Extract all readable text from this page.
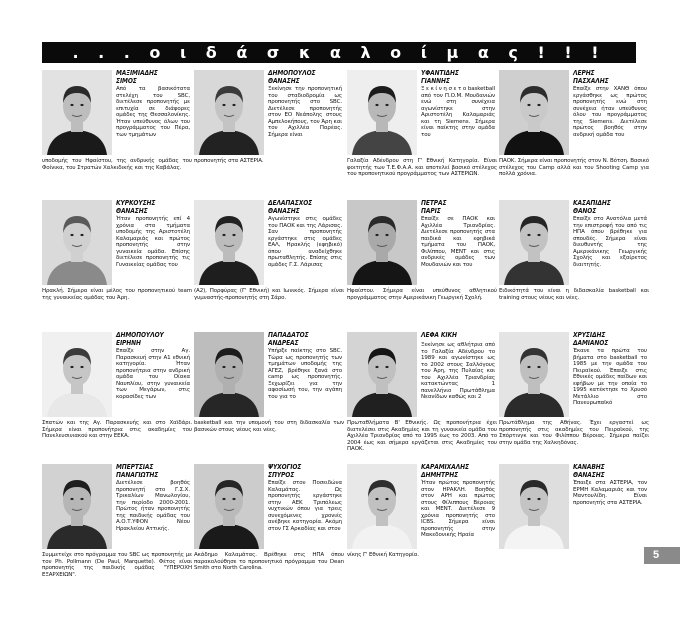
. . . ο ι δ ά σ κ α λ ο ί μ α ς ! ! !
ΜΑΞΙΜΙΑΔΗΣ
ΣΙΜΟΣ
Από τα βασικότατα στελέχη του SBC, διετέλεσε προπονητής με επιτυχία σε διάφορες ομάδες της Θεσσαλονίκης. Ήταν υπεύθυνος όλων του προγράμματος του Πέρα, των τμημάτων
υποδομής του Ηφαίστου, της ανδρικής ομάδας του Φοίνικα, του Στρατών Χαλκιδικής και της Καβάλας.
ΔΗΜΟΠΟΥΛΟΣ
ΘΑΝΑΣΗΣ
Ξεκίνησε την προπονητική του σταδιοδρομία ως προπονητής στο SBC. Διετέλεσε προπονητής στον ΕΟ Νεάπολης στους Αμπελοκήπους, τον Άρη και τον Αχιλλέα Παρέας. Σήμερα είναι
προπονητής στα ΑΣΤΕΡΙΑ.
ΥΦΑΝΤΙΔΗΣ
ΓΙΑΝΝΗΣ
Ξ ε κ ί ν η σ ε τ ο basketball από τον Π.Ο.Μ. Μουδανιών ενώ στη συνέχεια αγωνίστηκε στην Αριστοτέλη Καλαμαριάς και τη Siemens. Σήμερα είναι παίκτης στην ομάδα του
Γαλαξία Αδένδρου στη Γ' Εθνική Κατηγορία. Είναι φοιτητής των Τ.Ε.Φ.Α.Α. και αποτελεί βασικό στέλεχος του προπονητικού προγράμματος των ΑΣΤΕΡΙΩΝ.
ΛΕΡΗΣ
ΠΑΣΧΑΛΗΣ
Επαίξε στην ΧΑΝΘ όπου εργάσθηκε ως πρώτος προπονητής ενώ στη συνέχεια ήταν υπεύθυνος όλου του προγράμματος της Siemens. Διετέλεσε πρώτος βοηθός στην ανδρική ομάδα του
ΠΑΟΚ. Σήμερα είναι προπονητής στον Ν. Βότση. Βασικό στέλεχος του Camp αλλά και του Shooting Camp για πολλά χρόνια.
ΚΥΡΚΟΥΣΗΣ
ΘΑΝΑΣΗΣ
Ήταν προπονητής επί 4 χρόνια στα τμήματα υποδομής της Αριστοτέλη Καλαμαριάς και πρώτος προπονητής στην γυναικεία ομάδα. Επίσης διετέλεσε προπονητής τις Γυναικείας ομάδας του
Ηρακλή. Σήμερα είναι μέλος του προπονητικού team της γυναικείας ομάδας του Άρη.
ΔΕΛΑΠΑΣΧΟΣ
ΘΑΝΑΣΗΣ
Αγωνίστηκε στις ομάδες του ΠΑΟΚ και της Λάρισας. Σαν προπονητής εργάστηκε στις ομάδες ΕΑΛ, Ηρακλής (εφηβικό) όπου αναδείχθηκε πρωταθλητής. Επίσης στις ομάδες Γ.Σ. Λάρισας
(Α2), Πορφύρας (Γ' Εθνική) και Ιωνικός. Σήμερα είναι γυμναστής-προπονητής στη Σάρο.
ΠΕΤΡΑΣ
ΠΑΡΙΣ
Επαίξε σε ΠΑΟΚ και Αχιλλέα Τριανδρίας. Διετέλεσε προπονητής στα παιδικά και εφηβικά τμήματα του ΠΑΟΚ, Φιλίππου, ΜΕΝΤ και στις ανδρικές ομάδες των Μουδανιών και του
Ηφαίστου. Σήμερα είναι υπεύθυνος αθλητικού προγράμματος στην Αμερικάνικη Γεωργική Σχολή.
ΚΑΣΑΠΙΔΗΣ
ΘΑΝΟΣ
Επαίξε στο Ανατόλια μετά την επιστροφή του από τις ΗΠΑ όπου βρέθηκε για σπουδές. Σήμερα είναι διευθυντής της Αμερικάνικης Γεωργικής Σχολής και εξαίρετος διαιτητής.
Ειδικότητά του είναι η διδασκαλία basketball και training στους νέους και νέες.
ΔΗΜΟΠΟΥΛΟΥ
ΕΙΡΗΝΗ
Επαίξε στην Αγ. Παρασκευή στην Α1 εθνική κατηγορία. Ήταν προπονήτρια στην ανδρική ομάδα του Οίακα Ναυπλίου, στην γυναικεία των Μεγάρων, στις κορασίδες των
Σπατών και της Αγ. Παρασκευής και στο Χαϊδάρι. Σήμερα είναι προπονήτρια στις ακαδημίες του Πανελευσινιακού και στην ΕΕΚΑ.
ΠΑΠΑΔΑΤΟΣ
ΑΝΔΡΕΑΣ
Υπήρξε παίκτης στο SBC. Τώρα ως προπονητής των τμημάτων υποδομής της ΑΓΕΖ, βρέθηκε ξανά στο camp ως προπονητής. Ξεχωρίζει για την αφοσίωσή του, την αγάπη του για το
basketball και την υπομονή του στη διδασκαλία των βασικών στους νέους και νέες.
ΛΕΦΑ ΚΙΚΗ
Ξεκίνησε ως αθλήτρια από το Γαλαξία Αδένδρου το 1989 και αγωνίστηκε ως το 2002 στους Σαλλόγους του Άρη, της Πυλαίας και του Αχιλλέα Τριανδρίας κατακτώντας 1 πανελλήνιο Πρωτάθλημα Νεανίδων καθώς και 2
Πρωταθλήματα Β' Εθνικής. Ως προπονήτρια έχει διατελέσει στις Ακαδημίες και τη γυναικεία ομάδα του Αχιλλέα Τριανδρίας από το 1995 έως το 2003. Από το 2004 έως και σήμερα εργάζεται στις Ακαδημίες του ΠΑΟΚ.
ΧΡΥΣΙΔΗΣ
ΔΑΜΙΑΝΟΣ
Έκανε τα πρώτα του βήματα στο basketball το 1985 με την ομάδα του Πειραϊκού. Έπαιξε στις Εθνικές ομάδες παίδων και εφήβων με την οποία το 1995 κατέκτησε το Χρυσό Μετάλλιο στο Πανευρωπαϊκό
Πρωτάθλημα της Αθήνας. Έχει εργαστεί ως προπονητής στις ακαδημίες του Πειραϊκού, της Σπόρτινγκ και του Φιλίππου Βέροιας. Σήμερα παίζει στην ομάδα της Χαλκηδόνας.
ΜΠΕΡΤΣΙΑΣ
ΠΑΝΑΓΙΩΤΗΣ
Διετέλεσε βοηθός προπονητή στο Γ.Σ.Χ. Τρικαλίων Μανωλογίου, την περίοδο 2000-2001. Πρώτος ήταν προπονητής της παιδικής ομάδας του Α.Ο.Τ.ΥΦΟΝ Νέου Ηρακλείου Αττικής.
Συμμετείχε στο πρόγραμμα του SBC ως προπονητής με τον Ph. Pollmann (De Paul, Marquette). Φέτος είναι προπονητής της παιδικής ομάδας "ΥΠΕΡΟΧΗ ΕΞΑΡΧΕΙΩΝ".
ΨΥΧΟΓΙΟΣ
ΣΠΥΡΟΣ
Επαίξε στον Ποσειδώνα Καλαμάτας. Ως προπονητής εργάστηκε στην ΑΕΚ Τριπόλεως νυχτικών όπου για τρεις συνεχόμενες χρονιές ανέβηκε κατηγορία. Ακόμη στον ΓΣ Αρκαδίας και στον
Ακάδημο Καλαμάτας. Βρέθηκε στις ΗΠΑ όπου παρακολούθησε το προπονητικό πρόγραμμα του Dean Smith στο North Carolina.
ΚΑΡΑΜΙΧΑΛΗΣ
ΔΗΜΗΤΡΗΣ
Ήταν πρώτος προπονητής στον ΗΡΑΚΛΗ. Βοηθός στον ΑΡΗ και πρώτος στους Φίλιππους Βέροιας και ΜΕΝΤ. Διετέλεσε 9 χρόνια προπονητής στο ICBS. Σήμερα είναι προπονητής στην Μακεδονικής Ηραία
νίκης Γ' Εθνική Κατηγορία.
ΚΑΝΑΒΗΣ
ΘΑΝΑΣΗΣ
Έπαιξε στα ΑΣΤΕΡΙΑ, τον ΕΡΜΗ Καλαμαριάς και τον Μαντουλίδη. Είναι προπονητής στα ΑΣΤΕΡΙΑ.
5
